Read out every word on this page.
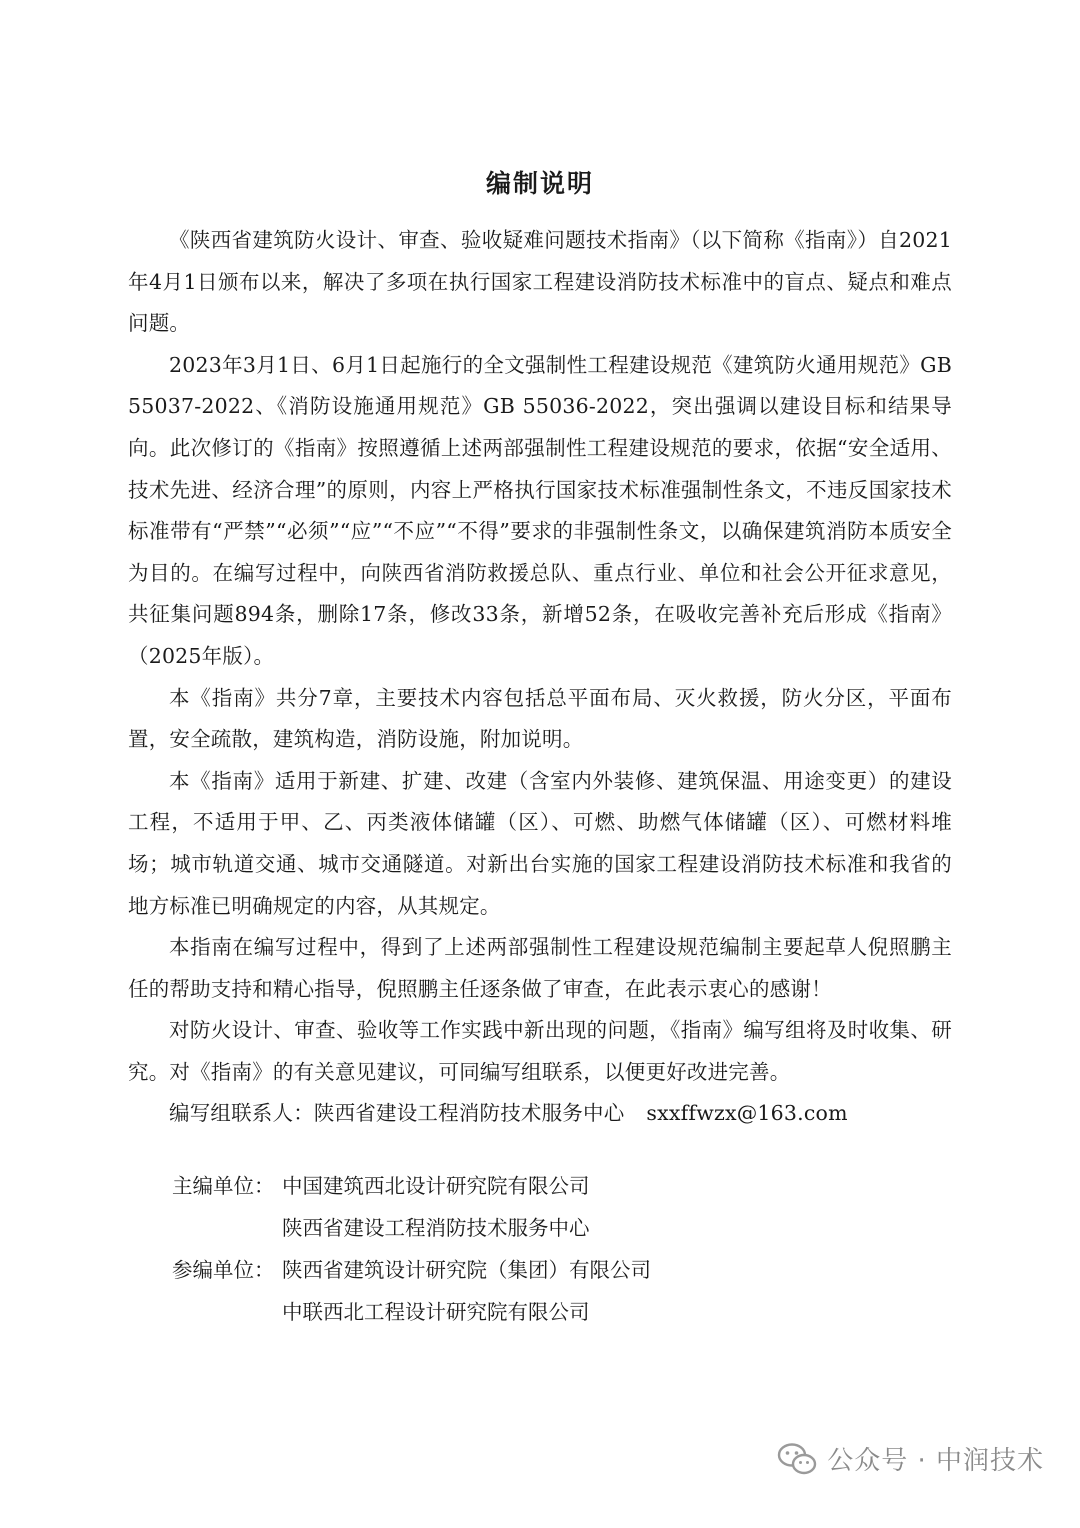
编制说明

《陕西省建筑防火设计、审查、验收疑难问题技术指南》（以下简称《指南》）自2021年4月1日颁布以来，解决了多项在执行国家工程建设消防技术标准中的盲点、疑点和难点问题。

2023年3月1日、6月1日起施行的全文强制性工程建设规范《建筑防火通用规范》GB 55037-2022、《消防设施通用规范》GB 55036-2022，突出强调以建设目标和结果导向。此次修订的《指南》按照遵循上述两部强制性工程建设规范的要求，依据“安全适用、技术先进、经济合理”的原则，内容上严格执行国家技术标准强制性条文，不违反国家技术标准带有“严禁”“必须”“应”“不应”“不得”要求的非强制性条文，以确保建筑消防本质安全为目的。在编写过程中，向陕西省消防救援总队、重点行业、单位和社会公开征求意见，共征集问题894条，删除17条，修改33条，新增52条，在吸收完善补充后形成《指南》（2025年版）。

本《指南》共分7章，主要技术内容包括总平面布局、灭火救援，防火分区，平面布置，安全疏散，建筑构造，消防设施，附加说明。

本《指南》适用于新建、扩建、改建（含室内外装修、建筑保温、用途变更）的建设工程，不适用于甲、乙、丙类液体储罐（区）、可燃、助燃气体储罐（区）、可燃材料堆场；城市轨道交通、城市交通隧道。对新出台实施的国家工程建设消防技术标准和我省的地方标准已明确规定的内容，从其规定。

本指南在编写过程中，得到了上述两部强制性工程建设规范编制主要起草人倪照鹏主任的帮助支持和精心指导，倪照鹏主任逐条做了审查，在此表示衷心的感谢！

对防火设计、审查、验收等工作实践中新出现的问题，《指南》编写组将及时收集、研究。对《指南》的有关意见建议，可同编写组联系，以便更好改进完善。

编写组联系人：陕西省建设工程消防技术服务中心 sxxffwzx@163.com

主编单位： 中国建筑西北设计研究院有限公司
陕西省建设工程消防技术服务中心
参编单位： 陕西省建筑设计研究院（集团）有限公司
中联西北工程设计研究院有限公司
公众号 · 中润技术
